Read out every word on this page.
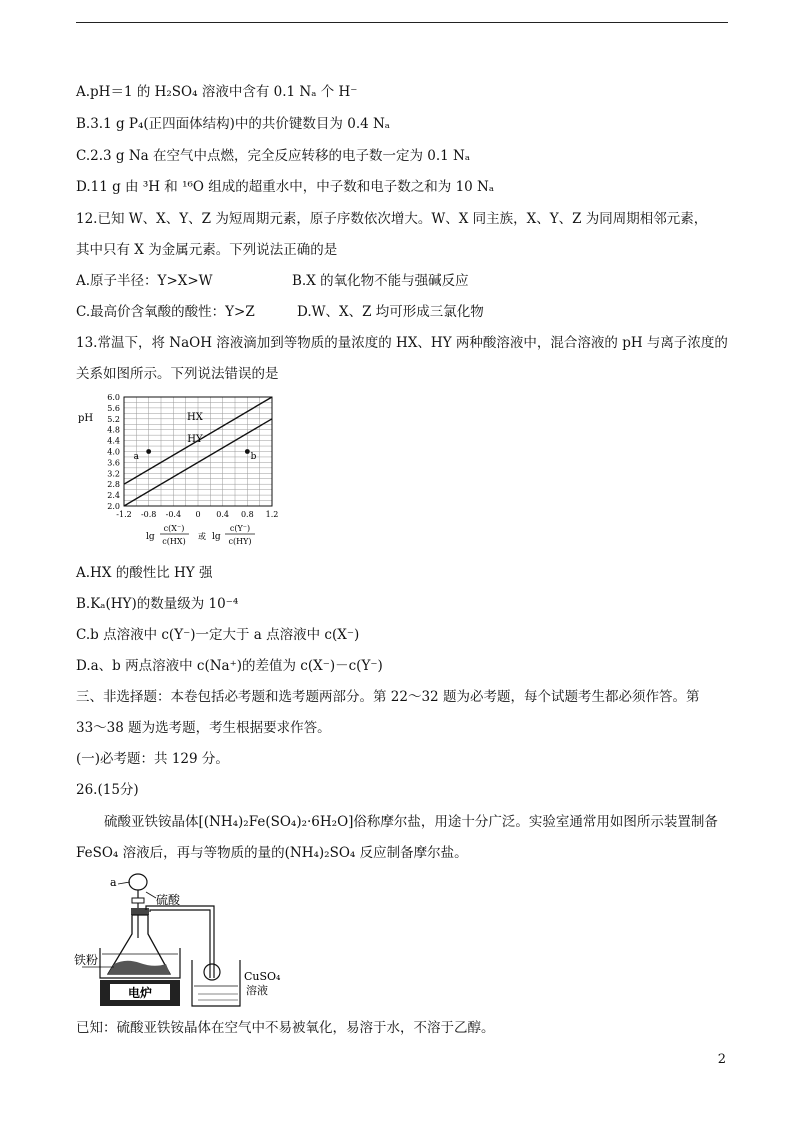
A.pH＝1 的 H₂SO₄ 溶液中含有 0.1 Nₐ 个 H⁻
B.3.1 g P₄(正四面体结构)中的共价键数目为 0.4 Nₐ
C.2.3 g Na 在空气中点燃，完全反应转移的电子数一定为 0.1 Nₐ
D.11 g 由 ³H 和 ¹⁶O 组成的超重水中，中子数和电子数之和为 10 Nₐ
12.已知 W、X、Y、Z 为短周期元素，原子序数依次增大。W、X 同主族，X、Y、Z 为同周期相邻元素，
其中只有 X 为金属元素。下列说法正确的是
A.原子半径：Y>X>W	B.X 的氧化物不能与强碱反应
C.最高价含氧酸的酸性：Y>Z	D.W、X、Z 均可形成三氯化物
13.常温下，将 NaOH 溶液滴加到等物质的量浓度的 HX、HY 两种酸溶液中，混合溶液的 pH 与离子浓度的
关系如图所示。下列说法错误的是
2.0
2.4
2.8
3.2
3.6
4.0
4.4
4.8
5.2
5.6
6.0
-1.2 -0.8 -0.4 0 0.4 0.8 1.2
HX
HY
a	b
pH
lg
c(X⁻)
c(HX)
或 lg
c(Y⁻)
c(HY)
A.HX 的酸性比 HY 强
B.Kₐ(HY)的数量级为 10⁻⁴
C.b 点溶液中 c(Y⁻)一定大于 a 点溶液中 c(X⁻)
D.a、b 两点溶液中 c(Na⁺)的差值为 c(X⁻)－c(Y⁻)
三、非选择题：本卷包括必考题和选考题两部分。第 22～32 题为必考题，每个试题考生都必须作答。第
33～38 题为选考题，考生根据要求作答。
(一)必考题：共 129 分。
26.(15分)
硫酸亚铁铵晶体[(NH₄)₂Fe(SO₄)₂·6H₂O]俗称摩尔盐，用途十分广泛。实验室通常用如图所示装置制备
FeSO₄ 溶液后，再与等物质的量的(NH₄)₂SO₄ 反应制备摩尔盐。
a
硫酸
铁粉
电炉
CuSO₄
溶液
已知：硫酸亚铁铵晶体在空气中不易被氧化，易溶于水，不溶于乙醇。
2
